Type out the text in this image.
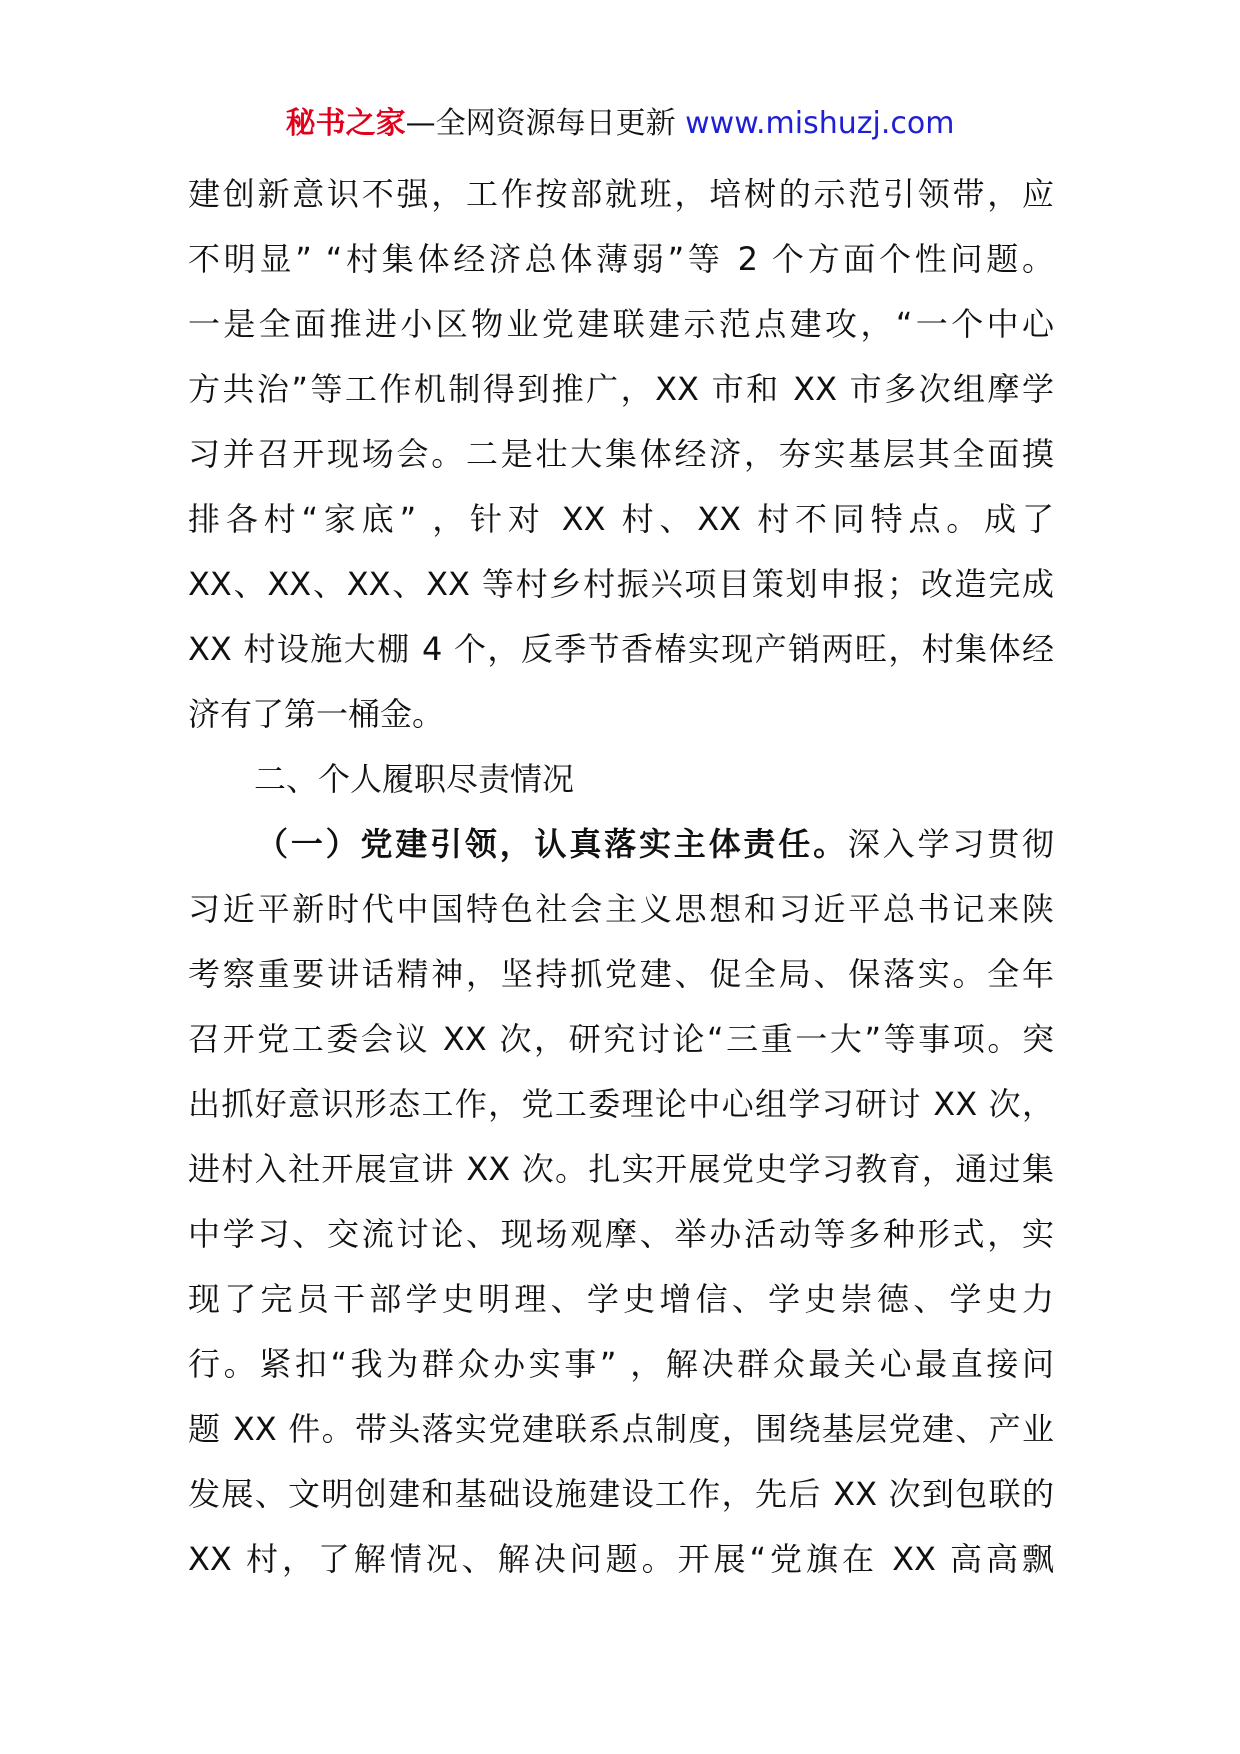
秘书之家—全网资源每日更新 www.mishuzj.com
建创新意识不强，工作按部就班，培树的示范引领带，应
不明显” “村集体经济总体薄弱”等 2 个方面个性问题。
一是全面推进小区物业党建联建示范点建攻，“一个中心
方共治”等工作机制得到推广，XX 市和 XX 市多次组摩学
习并召开现场会。二是壮大集体经济，夯实基层其全面摸
排各村“家底” ，针对 XX 村、XX 村不同特点。成了
XX、XX、XX、XX 等村乡村振兴项目策划申报；改造完成
XX 村设施大棚 4 个，反季节香椿实现产销两旺，村集体经
济有了第一桶金。
二、个人履职尽责情况
（一）党建引领，认真落实主体责任。深入学习贯彻
习近平新时代中国特色社会主义思想和习近平总书记来陕
考察重要讲话精神，坚持抓党建、促全局、保落实。全年
召开党工委会议 XX 次，研究讨论“三重一大”等事项。突
出抓好意识形态工作，党工委理论中心组学习研讨 XX 次，
进村入社开展宣讲 XX 次。扎实开展党史学习教育，通过集
中学习、交流讨论、现场观摩、举办活动等多种形式，实
现了完员干部学史明理、学史增信、学史崇德、学史力
行。紧扣“我为群众办实事” ，解决群众最关心最直接问
题 XX 件。带头落实党建联系点制度，围绕基层党建、产业
发展、文明创建和基础设施建设工作，先后 XX 次到包联的
XX 村，了解情况、解决问题。开展“党旗在 XX 高高飘
